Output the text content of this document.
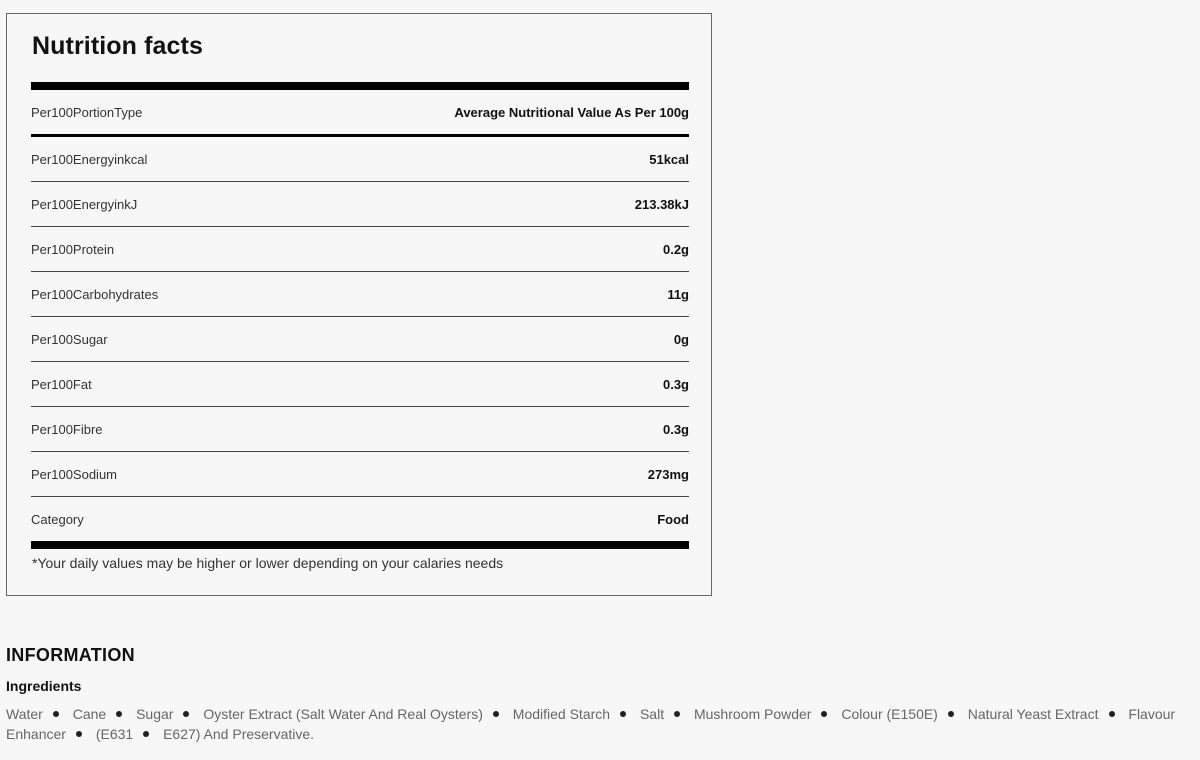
Nutrition facts
Per100PortionType	Average Nutritional Value As Per 100g
Per100Energyinkcal	51kcal
Per100EnergyinkJ	213.38kJ
Per100Protein	0.2g
Per100Carbohydrates	11g
Per100Sugar	0g
Per100Fat	0.3g
Per100Fibre	0.3g
Per100Sodium	273mg
Category	Food
*Your daily values may be higher or lower depending on your calaries needs
INFORMATION
Ingredients
Water Cane Sugar Oyster Extract (Salt Water And Real Oysters) Modified Starch Salt Mushroom Powder Colour (E150E) Natural Yeast Extract Flavour Enhancer (E631 E627) And Preservative.
